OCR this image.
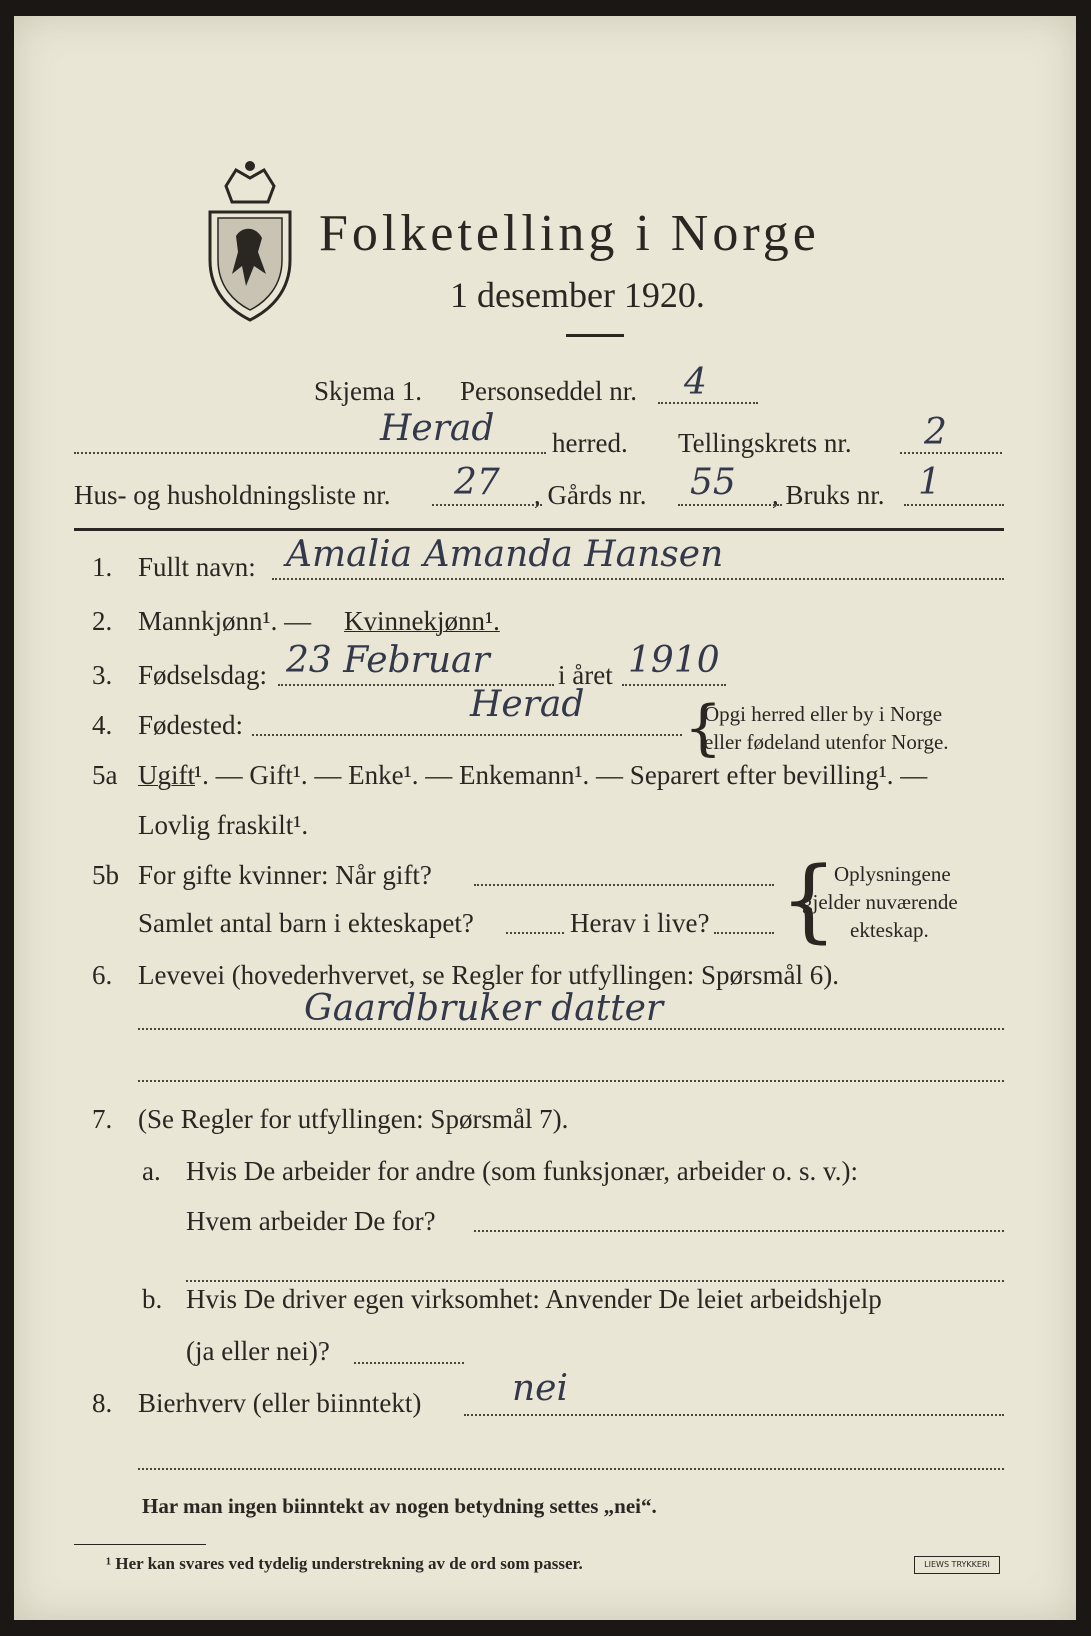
Folketelling i Norge
1 desember 1920.
Skjema 1. Personseddel nr. 4
Herad herred. Tellingskrets nr. 2
Hus- og husholdningsliste nr. 27 , Gårds nr. 55 , Bruks nr. 1
1. Fullt navn: Amalia Amanda Hansen
2. Mannkjønn¹. — Kvinnekjønn¹.
3. Fødselsdag: 23 Februar	i året 1910
4. Fødested:	Herad {
Opgi herred eller by i Norge
eller fødeland utenfor Norge.
5a Ugift ¹. — Gift¹. — Enke¹. — Enkemann¹. — Separert efter bevilling¹. —
Lovlig fraskilt¹.
5b For gifte kvinner: Når gift?
Samlet antal barn i ekteskapet?	Herav i live? {
Oplysningene
gjelder nuværende
ekteskap.
6. Levevei (hovederhvervet, se Regler for utfyllingen: Spørsmål 6).
Gaardbruker datter
7. (Se Regler for utfyllingen: Spørsmål 7).
a. Hvis De arbeider for andre (som funksjonær, arbeider o. s. v.):
Hvem arbeider De for?
b. Hvis De driver egen virksomhet: Anvender De leiet arbeidshjelp
(ja eller nei)?
8. Bierhverv (eller biinntekt)	nei
Har man ingen biinntekt av nogen betydning settes „nei“.
¹ Her kan svares ved tydelig understrekning av de ord som passer.	LIEWS TRYKKERI
